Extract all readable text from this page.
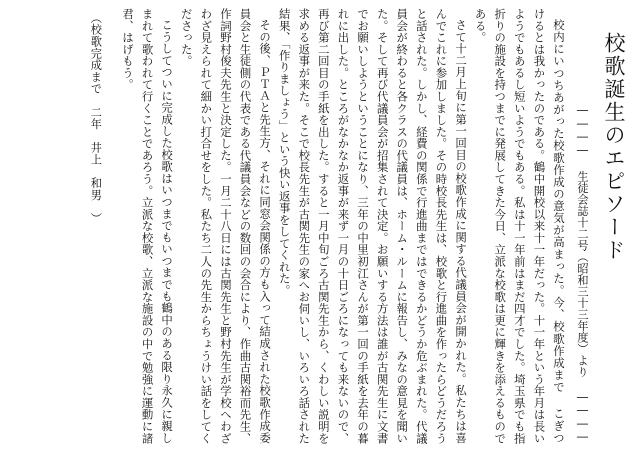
校歌誕生のエピソード
―――― 生徒会誌十二号（昭和三十三年度）より ――――

校内にいつちあがった校歌作成の意気が高まった。今、校歌作成まで こぎつけるとは我かったのである。鶴中開校以来十一年だった。十一年という年月は長いようでもあるし短いようでもある。私は十一年前はまだ四才でした。埼玉県でも指折りの施設を持つまでに発展してきた今日、立派な校歌は更に輝きを添えるものである。

さて十二月上旬に第一回目の校歌作成に関する代議員会が開かれた。私たちは喜んでこれに参加しました。その時校長先生は、校歌と行進曲を作ったらどうだろうと話された。しかし、経費の関係で行進曲まではできるかどうか危ぶまれた。代議員会が終わると各クラスの代議員は、ホーム・ルームに報告し、みなの意見を聞いた。そして再び代議員会が招集されて決定。お願いする方法は誰が古関先生に文書でお願いしようということになり、三年の中里初江さんが第一回の手紙を去年の暮れに出した。ところがなかなか返事が来ず一月の十日ごろになっても来ないので、再び第二回目の手紙を出した。すると一月中旬ごろ古関先生から、くわしい説明を求める返事が来た。そこで校長先生が古関先生の家へお伺いし、いろいろ話された結果、「作りましょう」という快い返事をしてくれた。

その後、ＰＴＡと先生方、それに同窓会関係の方も入って結成された校歌作成委員会と生徒側の代表である代議員会などの数回の会合により、作曲古関裕而先生、作詞野村俊夫先生と決定した。一月二十八日には古関先生と野村先生が学校へわざわざ見えられて細かい打合せをした。私たち二人の先生からちょうけい話をしてくださった。

こうしてついに完成した校歌はいつまでもいつまでも鶴中のある限り永久に親しまれて歌われて行くことであろう。立派な校歌、立派な施設の中で勉強に運動に諸君、はげもう。

（校歌完成まで　二年　井上　和男　）
